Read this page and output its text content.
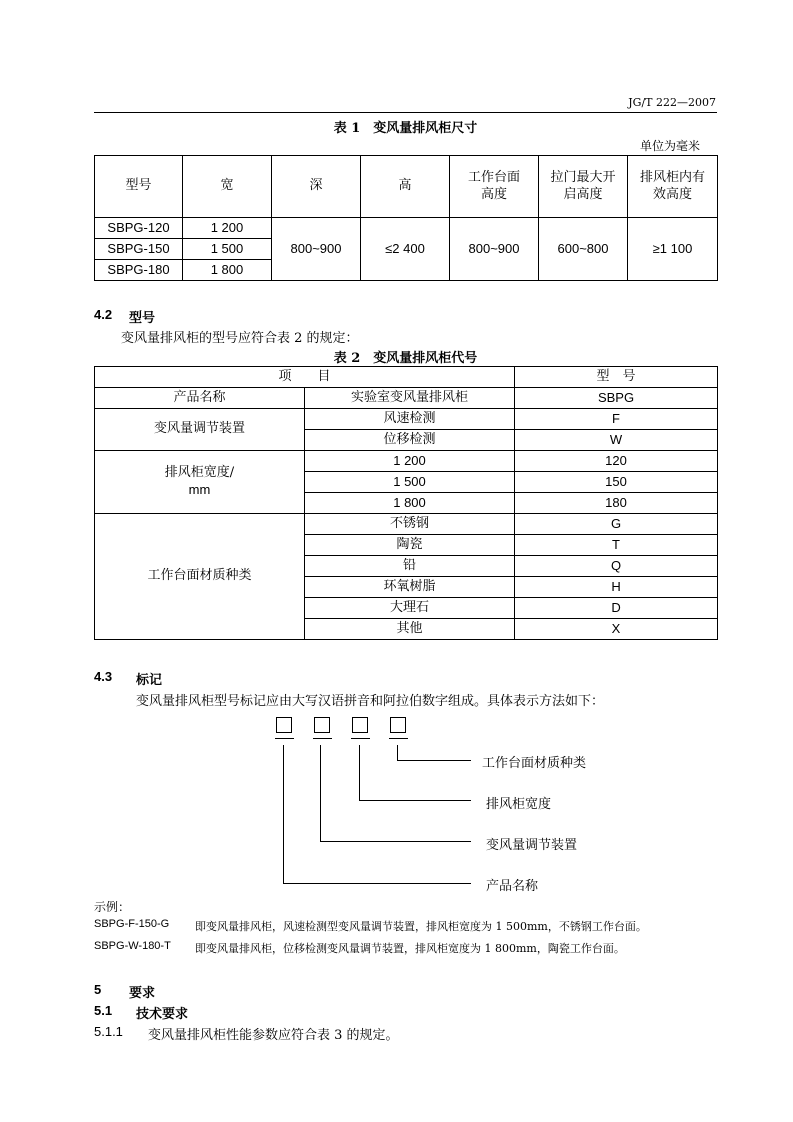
JG/T 222—2007
表 1　变风量排风柜尺寸
单位为毫米
型号	宽	深	高	工作台面高度	拉门最大开启高度	排风柜内有效高度
SBPG-120	1 200	800~900	≤2 400	800~900	600~800	≥1 100
SBPG-150	1 500					
SBPG-180	1 800					
4.2 型号
变风量排风柜的型号应符合表 2 的规定：
表 2　变风量排风柜代号
项　　目		型　号
产品名称	实验室变风量排风柜	SBPG
变风量调节装置	风速检测	F
	位移检测	W

排风柜宽度/
mm	1 200	120
	1 500	150
	1 800	180
工作台面材质种类	不锈钢	G
	陶瓷	T
	铅	Q
	环氧树脂	H
	大理石	D
	其他	X
4.3 标记
变风量排风柜型号标记应由大写汉语拼音和阿拉伯数字组成。具体表示方法如下：
工作台面材质种类
排风柜宽度
变风量调节装置
产品名称
示例：
SBPG-F-150-G 即变风量排风柜，风速检测型变风量调节装置，排风柜宽度为 1 500mm，不锈钢工作台面。
SBPG-W-180-T 即变风量排风柜，位移检测变风量调节装置，排风柜宽度为 1 800mm，陶瓷工作台面。
5 要求
5.1 技术要求
5.1.1 变风量排风柜性能参数应符合表 3 的规定。
